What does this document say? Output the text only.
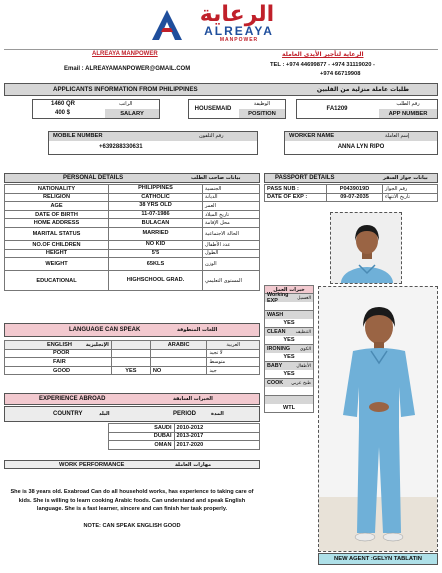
الرعاية
ALREAYA
MANPOWER
ALREAYA MANPOWER	الرعاية لتأجير الأيدي العاملة
Email : ALREAYAMANPOWER@GMAIL.COM
TEL : +974 44699877 - +974 31119020 -
+974 66719908
APPLICANTS INFORMATION FROM PHILIPPINES	طلبات عاملة منزلية من الفلبين
1460 QR
400 $
الراتب
SALARY
HOUSEMAID
الوظيفة
POSITION
FA1209
رقم الطلب
APP NUMBER
MOBILE NUMBER	رقم التلفون
+639288330631
WORKER NAME	إسم العاملة
ANNA LYN RIPO
PERSONAL DETAILS	بيانات صاحب الطلب
NATIONALITY	PHILIPPINES	الجنسية
RELIGION	CATHOLIC	الديانة
AGE	38 YRS OLD	العمر
DATE OF BIRTH	11-07-1986	تاريخ الميلاد
HOME ADDRESS	BULACAN	محل الإقامة
MARITAL STATUS	MARRIED	الحالة الاجتماعية
NO.OF CHILDREN	NO KID	عدد الأطفال
HEIGHT	5'5	الطول
WEIGHT	65KLS	الوزن
EDUCATIONAL	HIGHSCHOOL GRAD.	المستوى التعليمي
PASSPORT DETAILS	بيانات جواز السفر
PASS NUB :	P0439019D	رقم الجواز
DATE OF EXP :	09-07-2035	تاريخ الانتهاء
LANGUAGE CAN SPEAK	اللغات المنطوقة
ENGLISH الإنجليزية		ARABIC	العربية
POOR			لا تجيد
FAIR			متوسط
GOOD	YES	NO	جيد
EXPERIENCE ABROAD	الخبرات السابقة
COUNTRY	البلد	PERIOD	المدة
	SAUDI	2010-2012
	DUBAI	2013-2017
	OMAN	2017-2020
WORK PERFORMANCE	مهارات العاملة
She is 38 years old. Exabroad Can do all household works, has experience to taking care of kids. She is willing to learn cooking Arabic foods. Can understand and speak English language. She is a fast learner, sincere and can finish her task properly.
NOTE: CAN SPEAK ENGLISH GOOD
خبرات العمل
Working EXP	الغسيل
WASH
YES
CLEAN التنظيف
YES
IRONING الكوي
YES
BABY	الأطفال
YES
COOK طبخ عربي
WTL
NEW AGENT :GELYN TABLATIN
